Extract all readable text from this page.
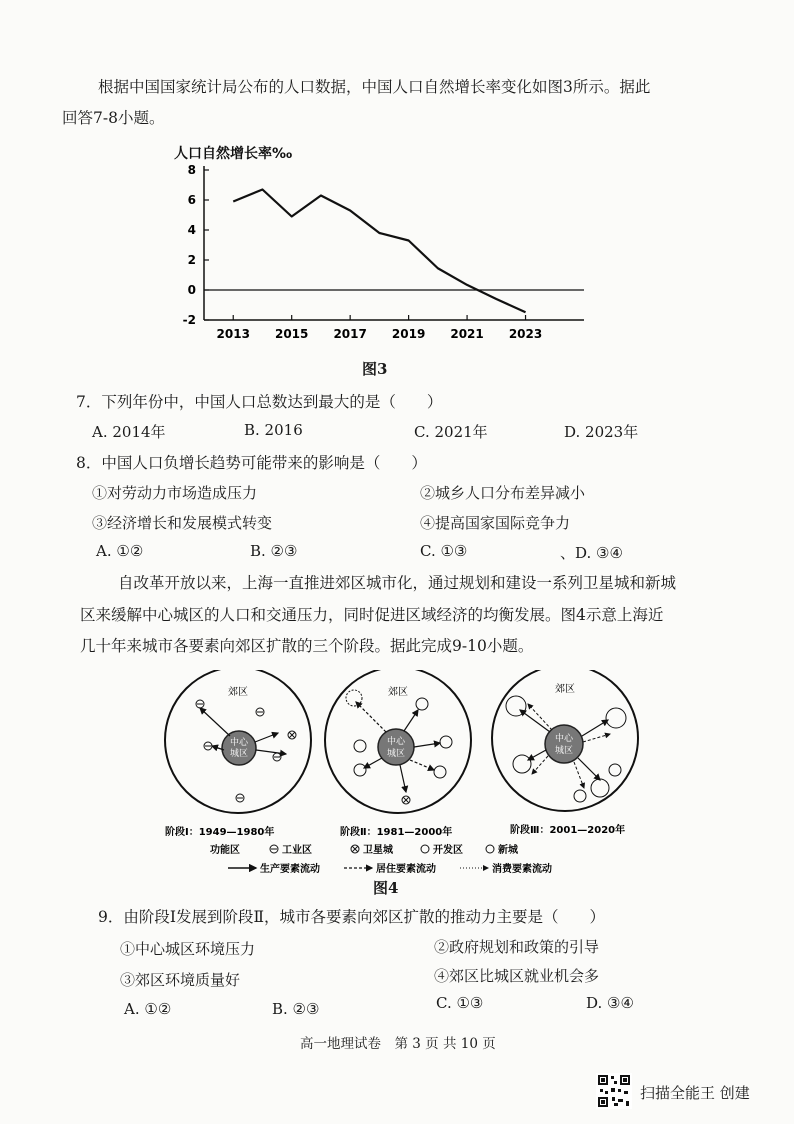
根据中国国家统计局公布的人口数据，中国人口自然增长率变化如图3所示。据此
回答7-8小题。
人口自然增长率‰
8
6
4
2
0
-2
2013 2015 2017 2019 2021 2023
图3
7．下列年份中，中国人口总数达到最大的是（　　）
A. 2014年	B. 2016	C. 2021年	D. 2023年
8．中国人口负增长趋势可能带来的影响是（　　）
①对劳动力市场造成压力	②城乡人口分布差异减小
③经济增长和发展模式转变	④提高国家国际竞争力
A. ①②	B. ②③	C. ①③	、D. ③④
自改革开放以来，上海一直推进郊区城市化，通过规划和建设一系列卫星城和新城
区来缓解中心城区的人口和交通压力，同时促进区域经济的均衡发展。图4示意上海近
几十年来城市各要素向郊区扩散的三个阶段。据此完成9-10小题。
郊区
中心
城区
阶段Ⅰ：1949—1980年
郊区
中心
城区
阶段Ⅱ：1981—2000年
郊区
中心
城区
阶段Ⅲ：2001—2020年
功能区	工业区	卫星城	开发区	新城
生产要素流动	居住要素流动	消费要素流动
图4
9．由阶段Ⅰ发展到阶段Ⅱ，城市各要素向郊区扩散的推动力主要是（　　）
①中心城区环境压力	②政府规划和政策的引导
③郊区环境质量好	④郊区比城区就业机会多
A. ①②	B. ②③	C. ①③	D. ③④
高一地理试卷　第 3 页 共 10 页
扫描全能王 创建
